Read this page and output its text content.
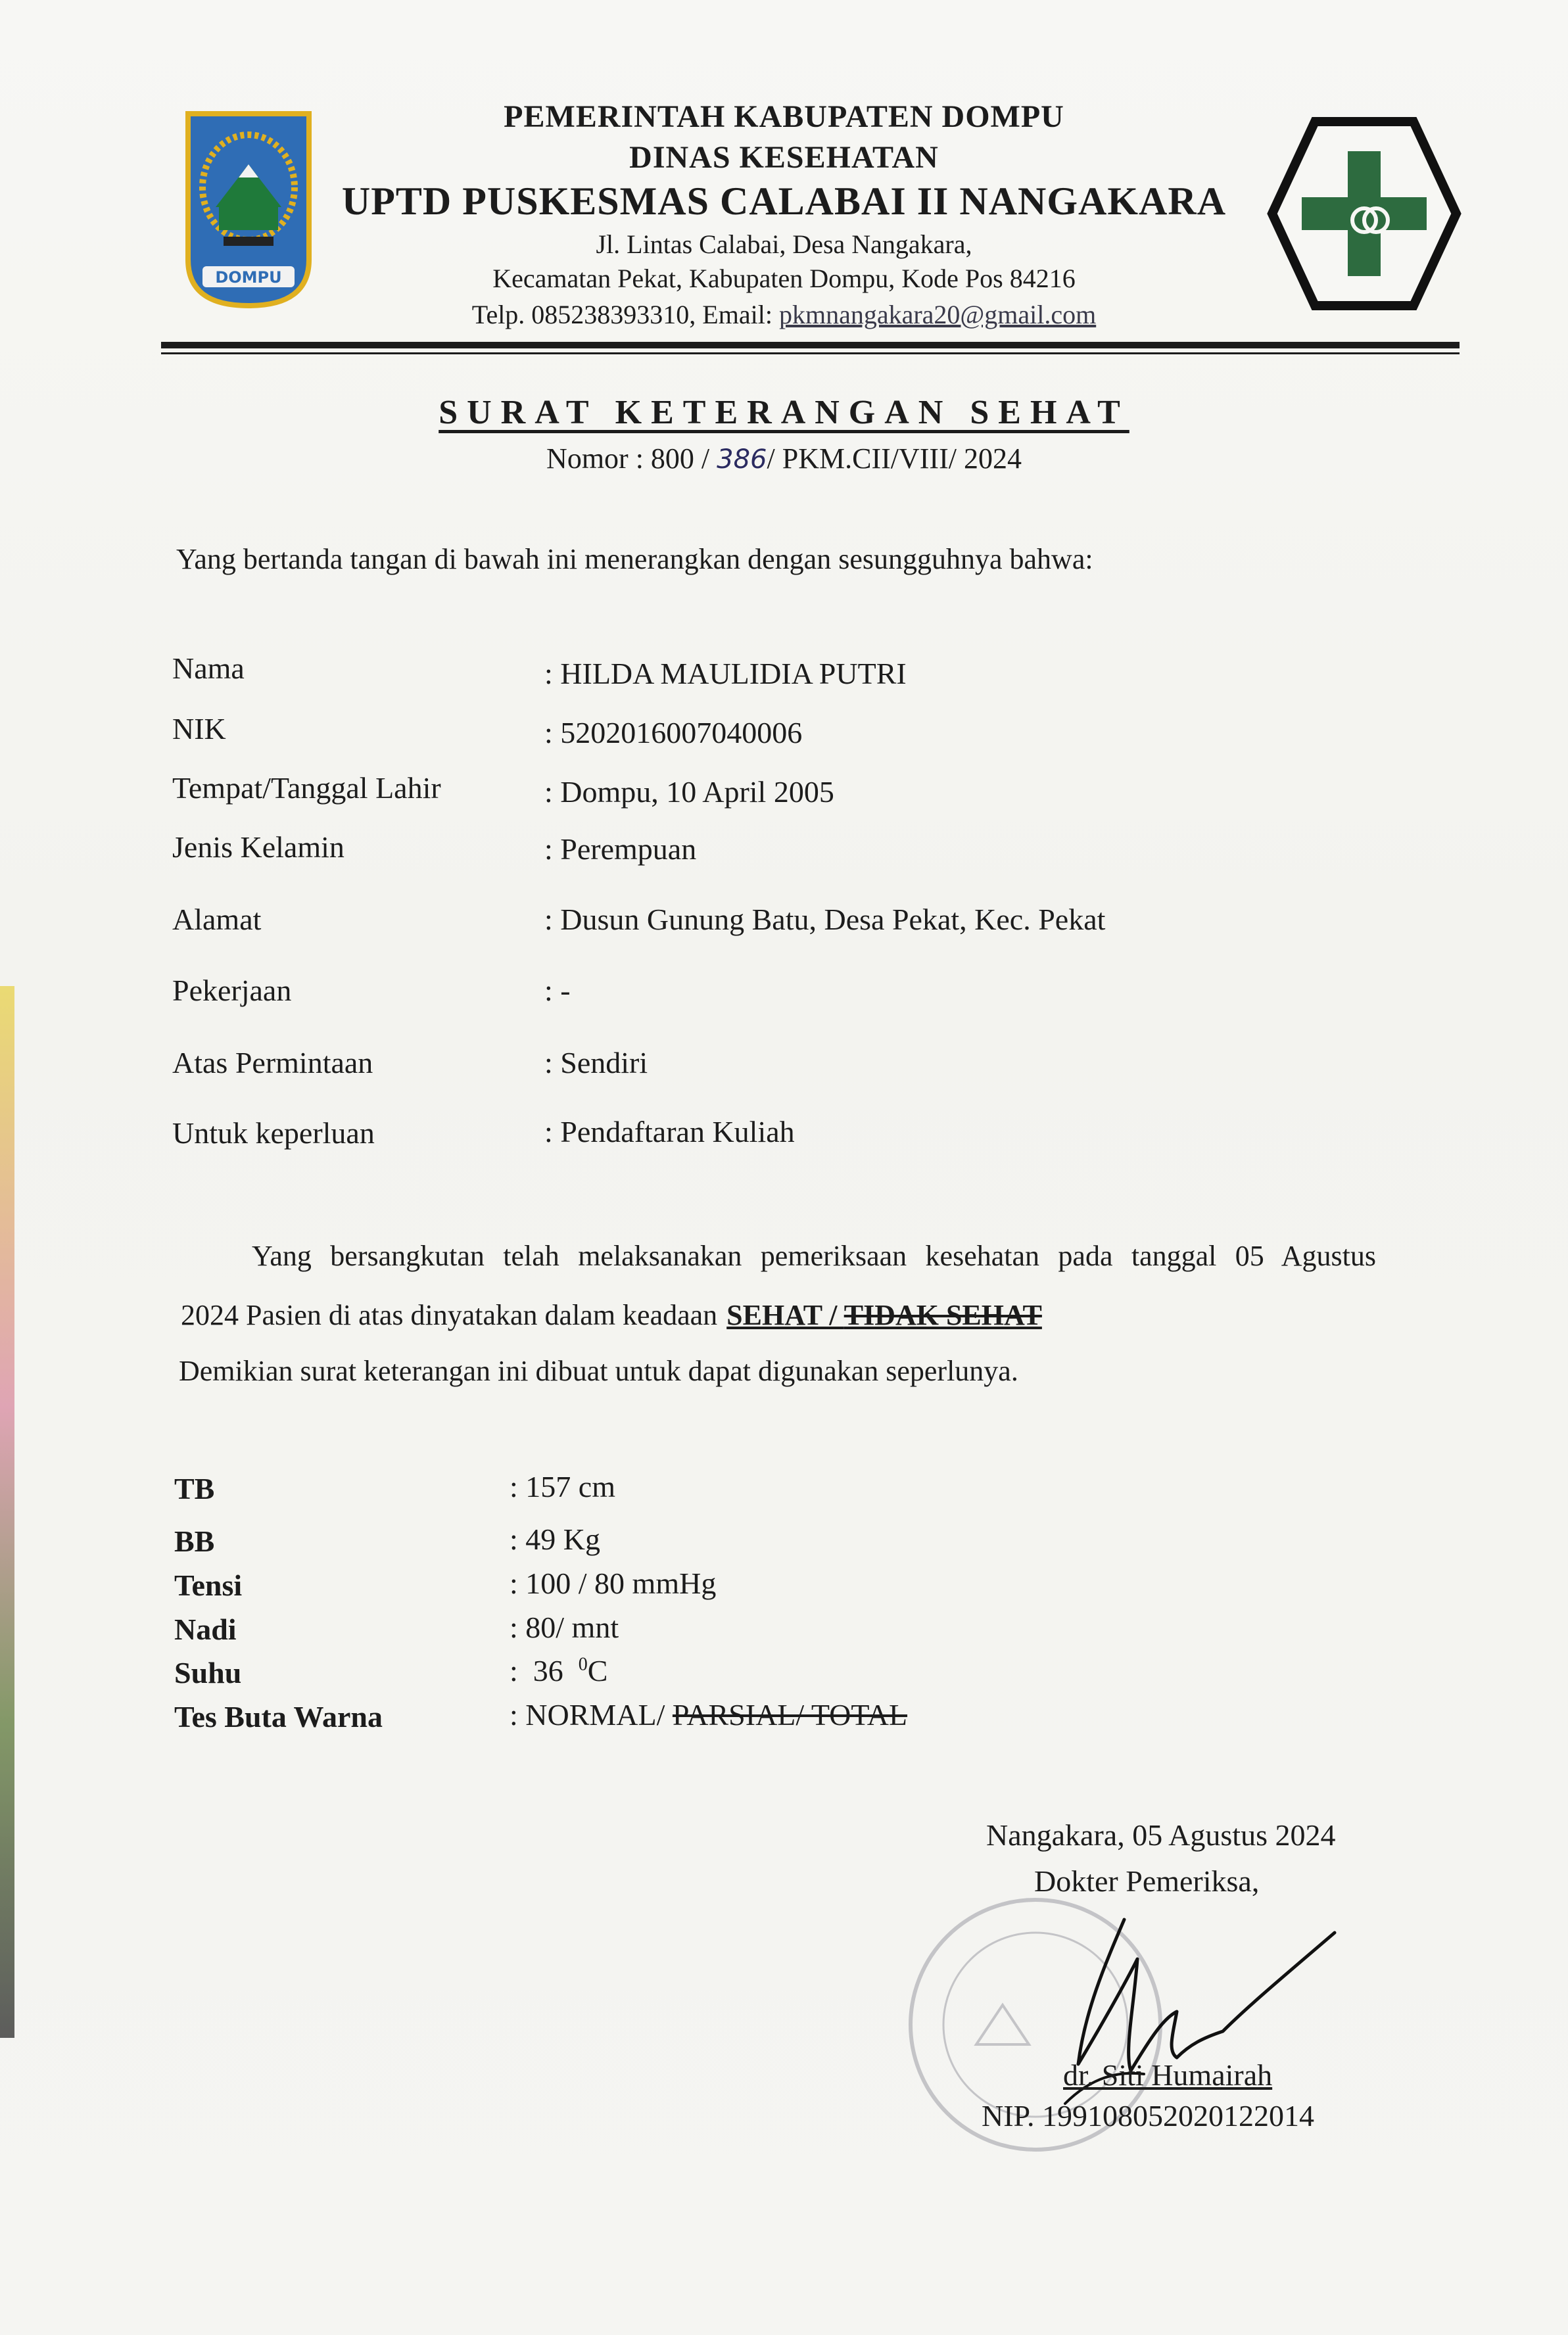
DOMPU
PEMERINTAH KABUPATEN DOMPU
DINAS KESEHATAN
UPTD PUSKESMAS CALABAI II NANGAKARA
Jl. Lintas Calabai, Desa Nangakara,
Kecamatan Pekat, Kabupaten Dompu, Kode Pos 84216
Telp. 085238393310, Email: pkmnangakara20@gmail.com
SURAT KETERANGAN SEHAT
Nomor : 800 / 386/ PKM.CII/VIII/ 2024
Yang bertanda tangan di bawah ini menerangkan dengan sesungguhnya bahwa:
Nama	: HILDA MAULIDIA PUTRI
NIK	: 5202016007040006
Tempat/Tanggal Lahir	: Dompu, 10 April 2005
Jenis Kelamin	: Perempuan
Alamat	: Dusun Gunung Batu, Desa Pekat, Kec. Pekat
Pekerjaan	: -
Atas Permintaan	: Sendiri
Untuk keperluan	: Pendaftaran Kuliah
Yang bersangkutan telah melaksanakan pemeriksaan kesehatan pada tanggal 05 Agustus
2024 Pasien di atas dinyatakan dalam keadaan SEHAT / TIDAK SEHAT
Demikian surat keterangan ini dibuat untuk dapat digunakan seperlunya.
TB	: 157 cm
BB	: 49 Kg
Tensi	: 100 / 80 mmHg
Nadi	: 80/ mnt
Suhu	:  36  $^0$C
Tes Buta Warna	: NORMAL/ PARSIAL/ TOTAL
Nangakara, 05 Agustus 2024
Dokter Pemeriksa,
dr. Siti Humairah
NIP. 199108052020122014
